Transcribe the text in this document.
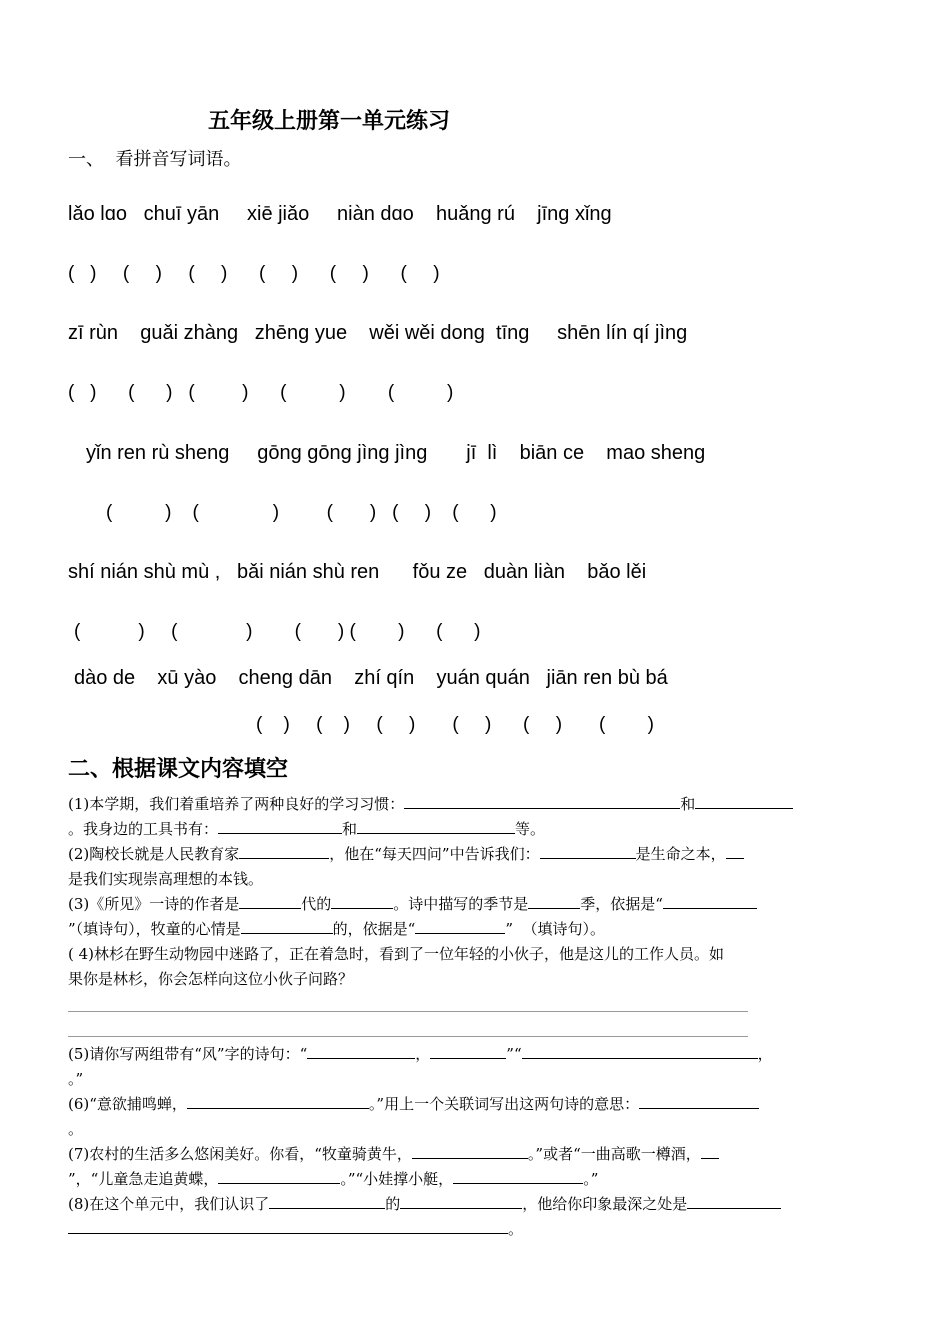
五年级上册第一单元练习
一、  看拼音写词语。
lǎo lɑo   chuī yān     xiē jiǎo     niàn dɑo    huǎnɡ rú    jīnɡ xǐnɡ
(   )     (     )     (     )      (     )      (     )      (     )
zī rùn    ɡuǎi zhànɡ   zhēnɡ yue    wěi wěi donɡ  tīnɡ     shēn lín qí jìnɡ
(   )      (      )   (         )      (          )        (          )
yǐn ren rù shenɡ     ɡōnɡ ɡōnɡ jìnɡ jìnɡ       jī  lì    biān ce    mao shenɡ
(          )    (              )         (       )   (     )    (      )
shí nián shù mù ,   bǎi nián shù ren      fǒu ze   duàn liàn    bǎo lěi
(           )     (             )        (       ) (        )      (      )
dào de    xū yào    cheng dān    zhí qín    yuán quán   jiān ren bù bá
(    )     (    )     (     )       (     )      (     )       (        )
二、根据课文内容填空
(1)本学期，我们着重培养了两种良好的学习习惯：	和
。我身边的工具书有：	和	等。
(2)陶校长就是人民教育家	，他在“每天四问”中告诉我们：	是生命之本，
是我们实现崇高理想的本钱。
(3)《所见》一诗的作者是	代的	。诗中描写的季节是	季，依据是“
”（填诗句），牧童的心情是	的，依据是“	”  （填诗句）。
( 4)林杉在野生动物园中迷路了，正在着急时，看到了一位年轻的小伙子，他是这儿的工作人员。如
果你是林杉，你会怎样向这位小伙子问路？
(5)请你写两组带有“风”字的诗句：“	，	”“	，
。”
(6)“意欲捕鸣蝉，	。”用上一个关联词写出这两句诗的意思：
。
(7)农村的生活多么悠闲美好。你看，“牧童骑黄牛，	。”或者“一曲高歌一樽酒，
”，“儿童急走追黄蝶，	。”“小娃撑小艇，	。”
(8)在这个单元中，我们认识了	的	，他给你印象最深之处是
。
